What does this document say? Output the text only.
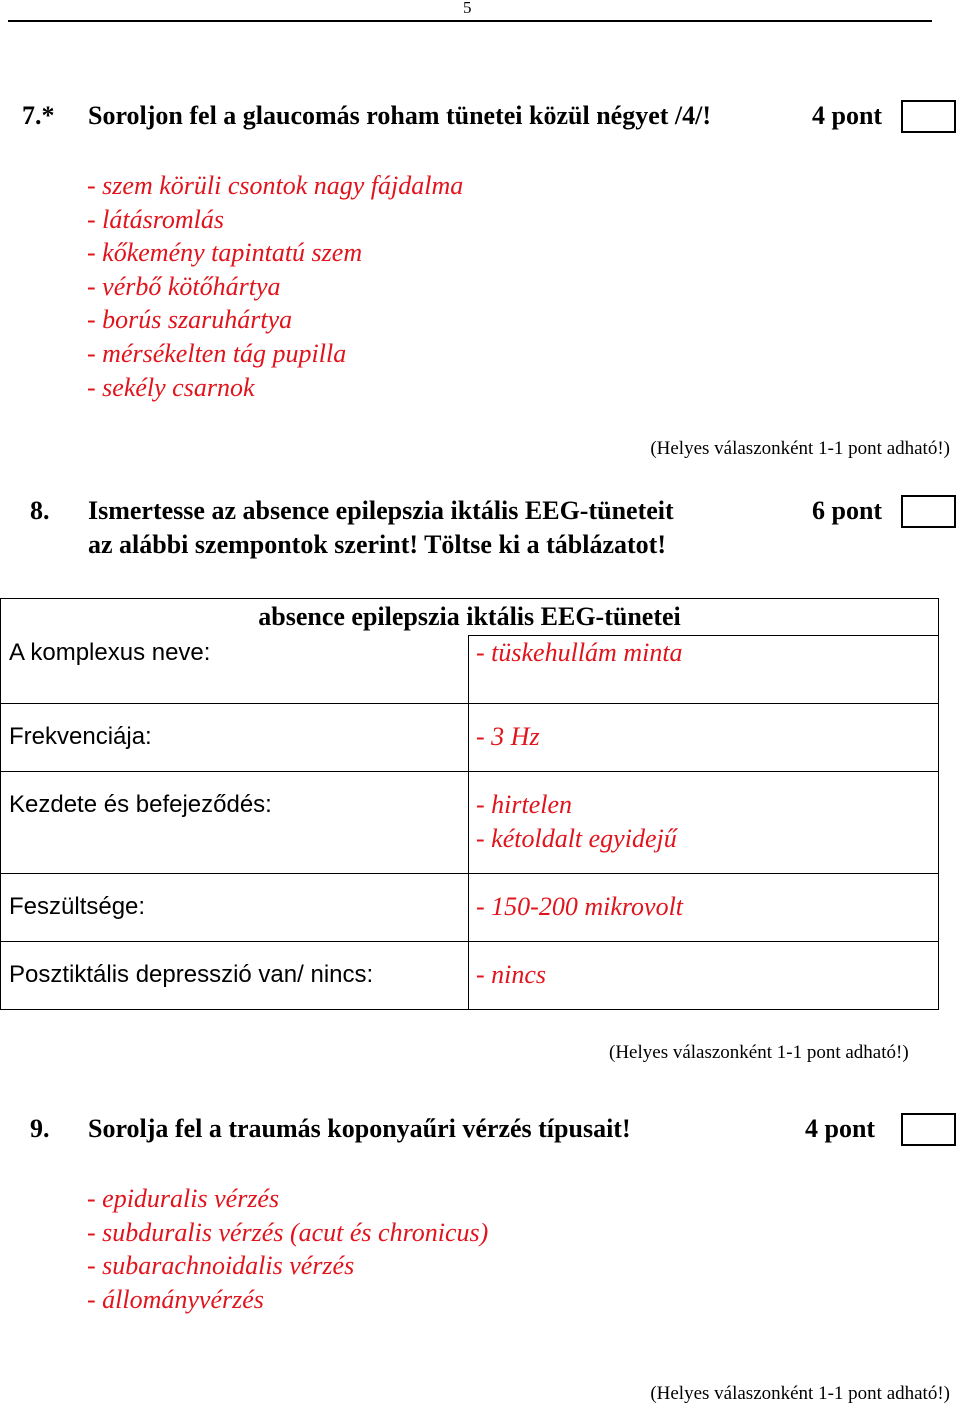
5
7.* Soroljon fel a glaucomás roham tünetei közül négyet /4/!	4 pont
- szem körüli csontok nagy fájdalma
- látásromlás
- kőkemény tapintatú szem
- vérbő kötőhártya
- borús szaruhártya
- mérsékelten tág pupilla
- sekély csarnok
(Helyes válaszonként 1-1 pont adható!)
8. Ismertesse az absence epilepszia iktális EEG-tüneteit
az alábbi szempontok szerint! Töltse ki a táblázatot!
6 pont
absence epilepszia iktális EEG-tünetei	
A komplexus neve:	- tüskehullám minta

Frekvenciája:	- 3 Hz

Kezdete és befejeződés:	- hirtelen
- kétoldalt egyidejű

Feszültsége:	- 150-200 mikrovolt

Posztiktális depresszió van/ nincs:	- nincs
(Helyes válaszonként 1-1 pont adható!)
9. Sorolja fel a traumás koponyaűri vérzés típusait!	4 pont
- epiduralis vérzés
- subduralis vérzés (acut és chronicus)
- subarachnoidalis vérzés
- állományvérzés
(Helyes válaszonként 1-1 pont adható!)
